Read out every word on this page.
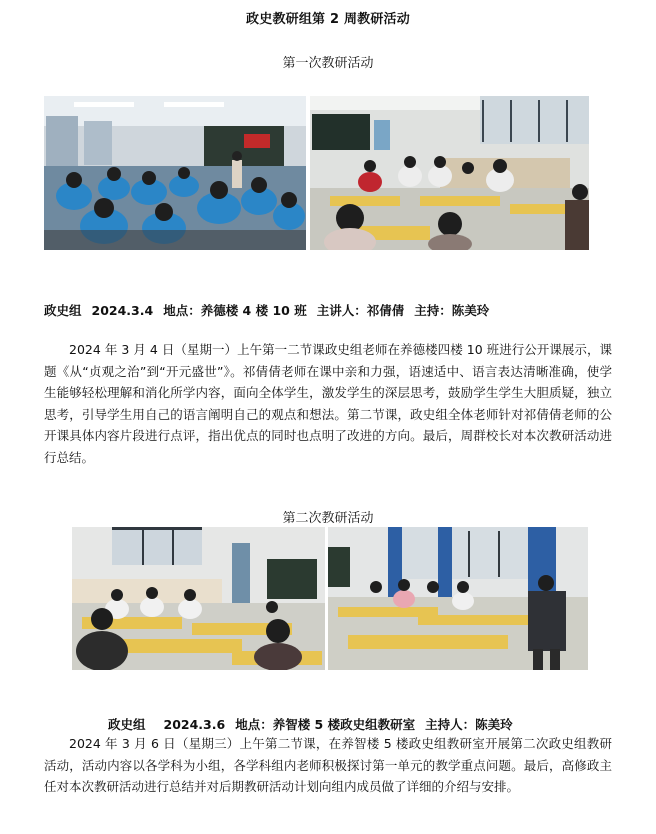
政史教研组第 2 周教研活动
第一次教研活动
政史组 2024.3.4 地点：养德楼 4 楼 10 班 主讲人：祁倩倩 主持：陈美玲

2024 年 3 月 4 日（星期一）上午第一二节课政史组老师在养德楼四楼 10 班进行公开课展示，课题《从“贞观之治”到“开元盛世”》。祁倩倩老师在课中亲和力强，语速适中、语言表达清晰准确，使学生能够轻松理解和消化所学内容，面向全体学生，激发学生的深层思考，鼓励学生学生大胆质疑，独立思考，引导学生用自己的语言阐明自己的观点和想法。第二节课，政史组全体老师针对祁倩倩老师的公开课具体内容片段进行点评，指出优点的同时也点明了改进的方向。最后，周群校长对本次教研活动进行总结。

第二次教研活动
政史组 2024.3.6 地点：养智楼 5 楼政史组教研室 主持人：陈美玲

2024 年 3 月 6 日（星期三）上午第二节课，在养智楼 5 楼政史组教研室开展第二次政史组教研活动，活动内容以各学科为小组，各学科组内老师积极探讨第一单元的教学重点问题。最后，高修政主任对本次教研活动进行总结并对后期教研活动计划向组内成员做了详细的介绍与安排。
